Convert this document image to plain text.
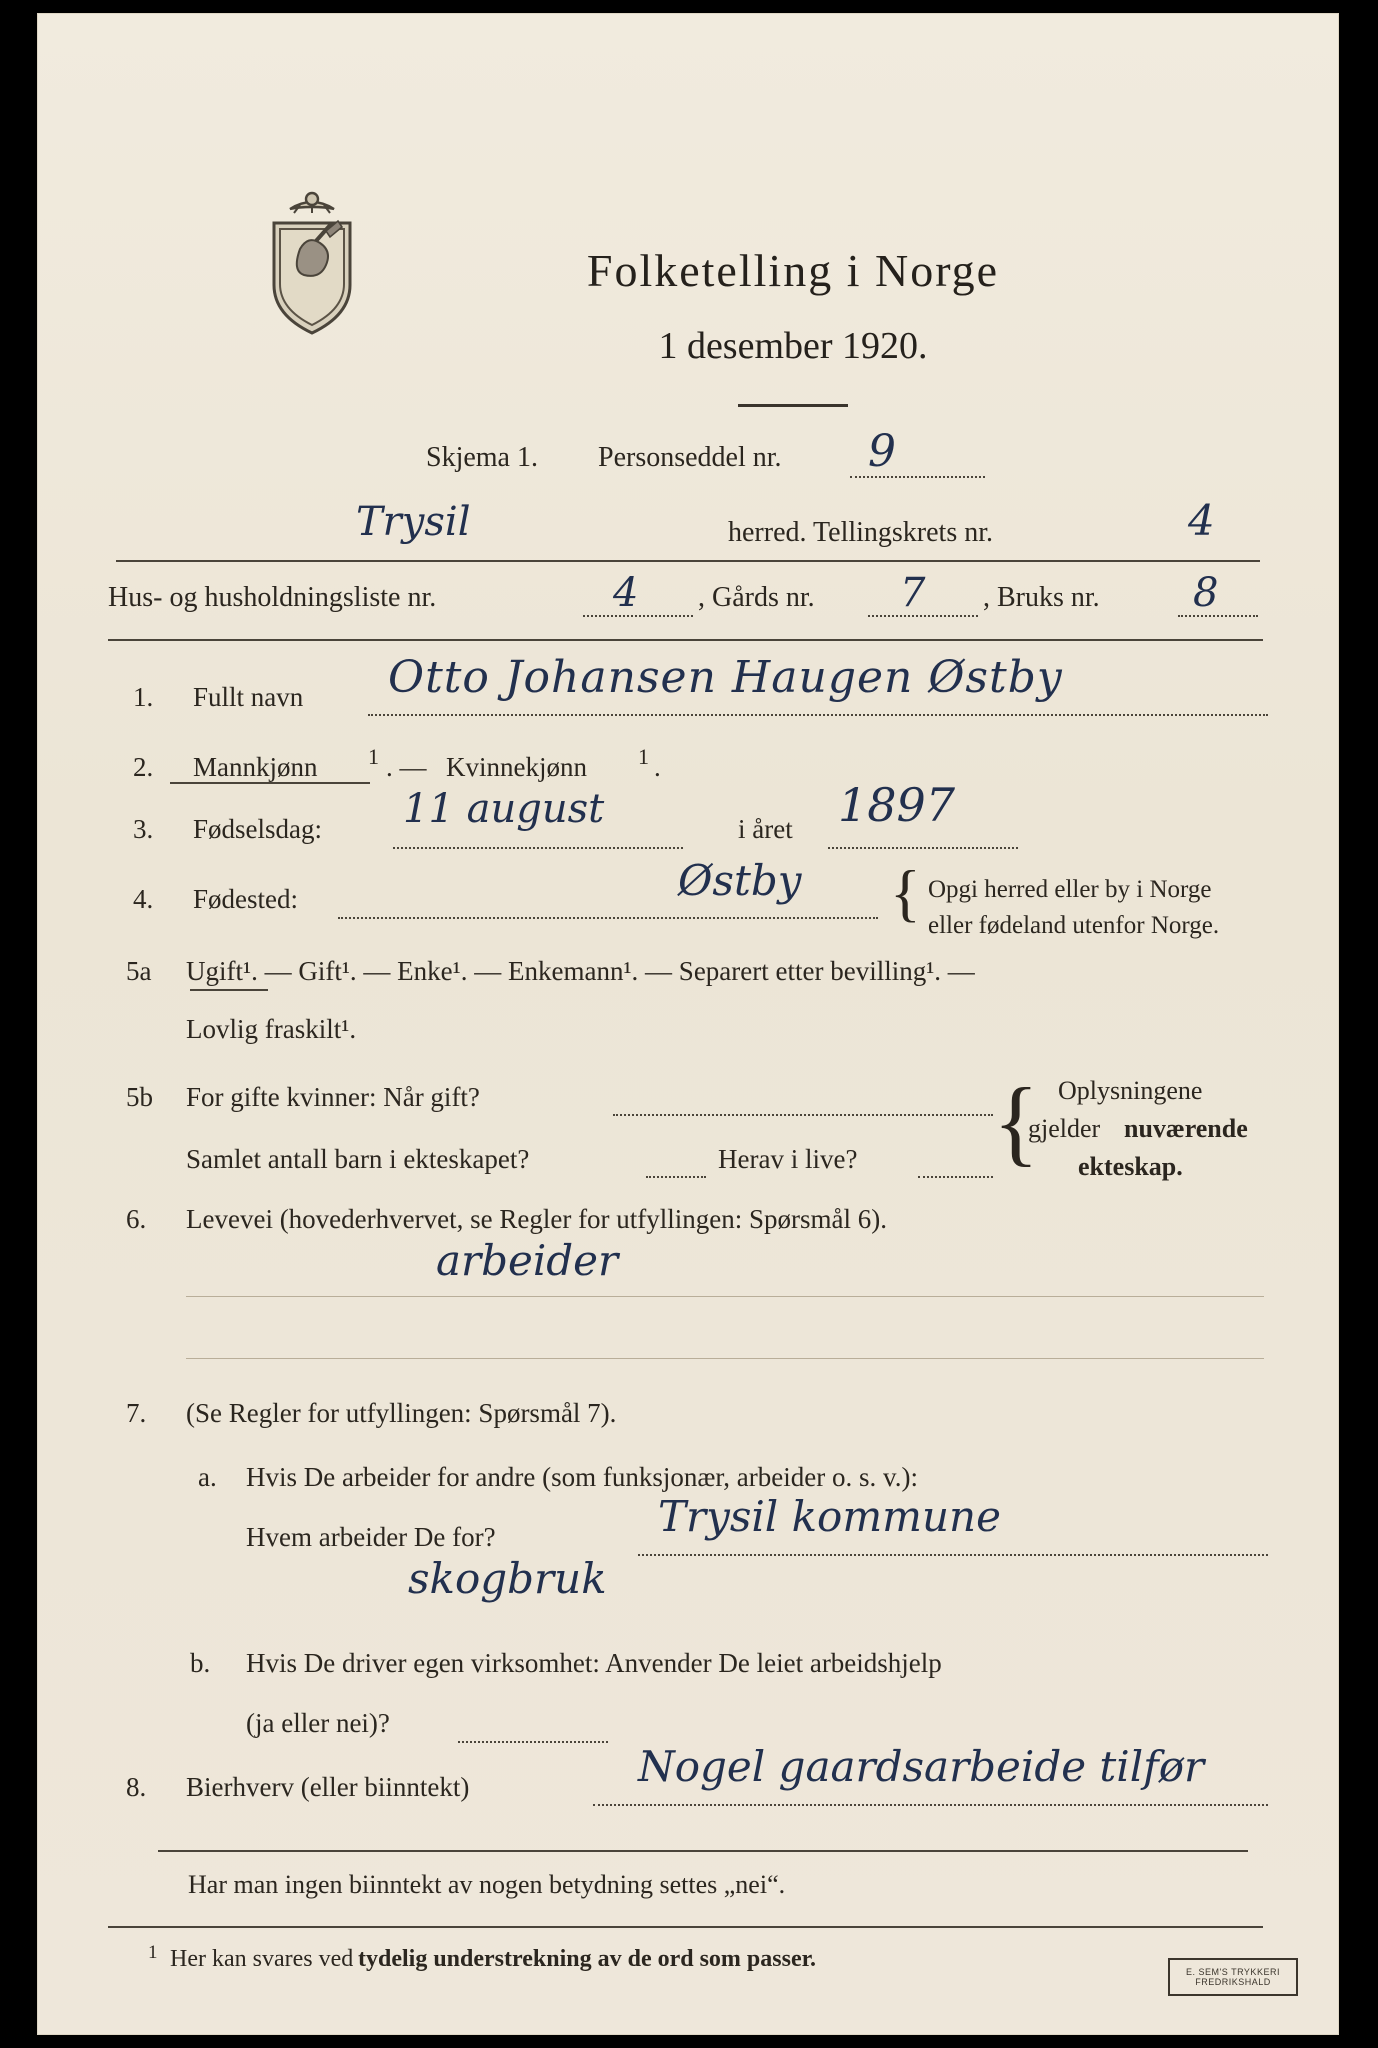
Folketelling i Norge
1 desember 1920.
Skjema 1. Personseddel nr. 9
Trysil	herred. Tellingskrets nr.	4
Hus- og husholdningsliste nr.	4 , Gårds nr. 7 , Bruks nr. 8
1. Fullt navn Otto Johansen Haugen Østby
2. Mannkjønn 1 . — Kvinnekjønn 1 .
3. Fødselsdag: 11 august	i året 1897
4. Fødested:	Østby { Opgi herred eller by i Norge
eller fødeland utenfor Norge.
5a Ugift¹. — Gift¹. — Enke¹. — Enkemann¹. — Separert etter bevilling¹. —
Lovlig fraskilt¹.
5b For gifte kvinner: Når gift?
Samlet antall barn i ekteskapet?	Herav i live? { Oplysningene
gjelder nuværende
ekteskap.
6. Levevei (hovederhvervet, se Regler for utfyllingen: Spørsmål 6).
arbeider
7. (Se Regler for utfyllingen: Spørsmål 7).
a. Hvis De arbeider for andre (som funksjonær, arbeider o. s. v.):
Hvem arbeider De for?	Trysil kommune
skogbruk
b. Hvis De driver egen virksomhet: Anvender De leiet arbeidshjelp
(ja eller nei)?
8. Bierhverv (eller biinntekt)	Nogel gaardsarbeide tilfør
Har man ingen biinntekt av nogen betydning settes „nei“.
1 Her kan svares ved tydelig understrekning av de ord som passer.	E. SEM'S TRYKKERI
FREDRIKSHALD
